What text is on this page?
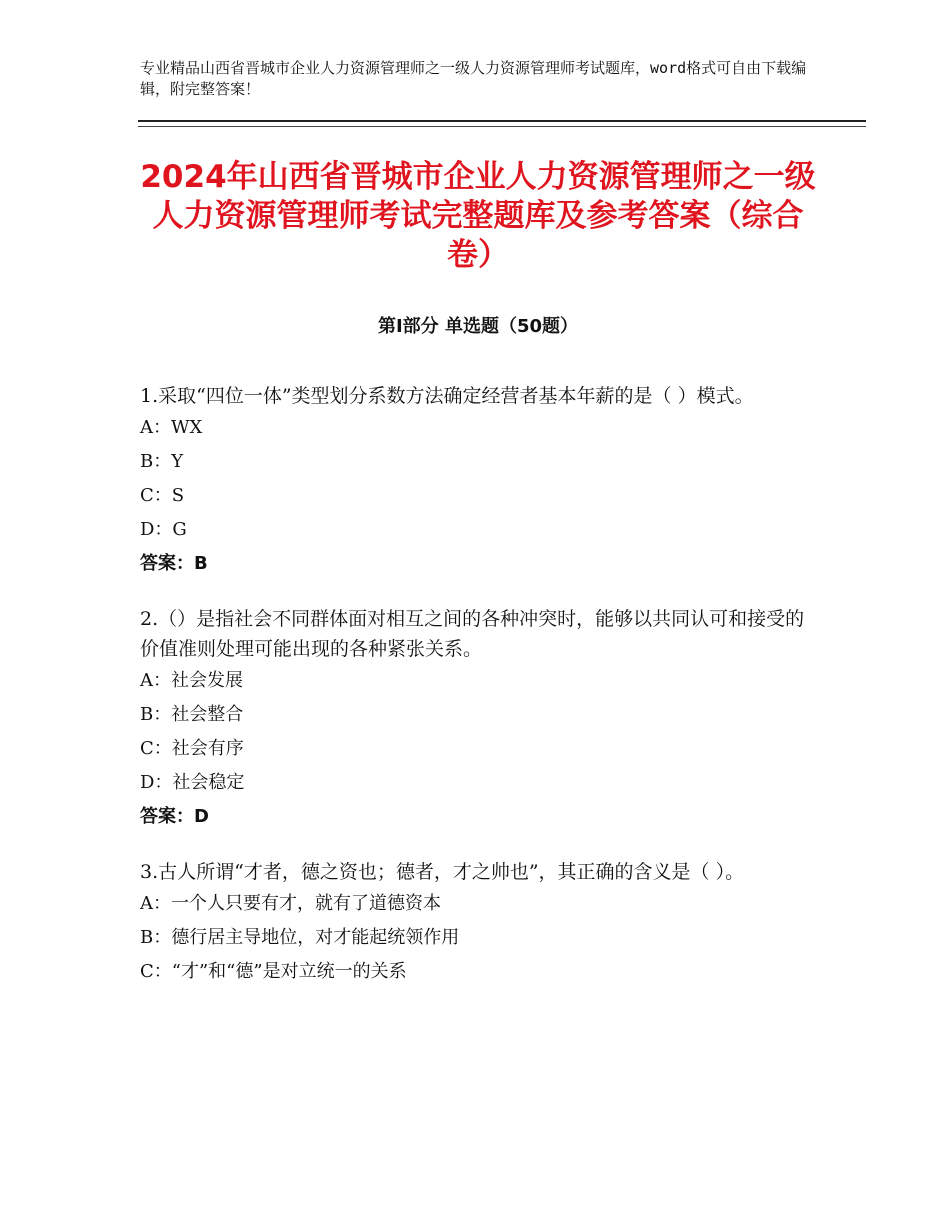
专业精品山西省晋城市企业人力资源管理师之一级人力资源管理师考试题库，word格式可自由下载编辑，附完整答案！
2024年山西省晋城市企业人力资源管理师之一级人力资源管理师考试完整题库及参考答案（综合卷）
第Ⅰ部分 单选题（50题）

1.采取“四位一体”类型划分系数方法确定经营者基本年薪的是（ ）模式。

A：WX

B：Y

C：S

D：G

答案：B

2.（）是指社会不同群体面对相互之间的各种冲突时，能够以共同认可和接受的价值准则处理可能出现的各种紧张关系。

A：社会发展

B：社会整合

C：社会有序

D：社会稳定

答案：D

3.古人所谓“才者，德之资也；德者，才之帅也”，其正确的含义是（ ）。

A：一个人只要有才，就有了道德资本

B：德行居主导地位，对才能起统领作用

C：“才”和“德”是对立统一的关系
